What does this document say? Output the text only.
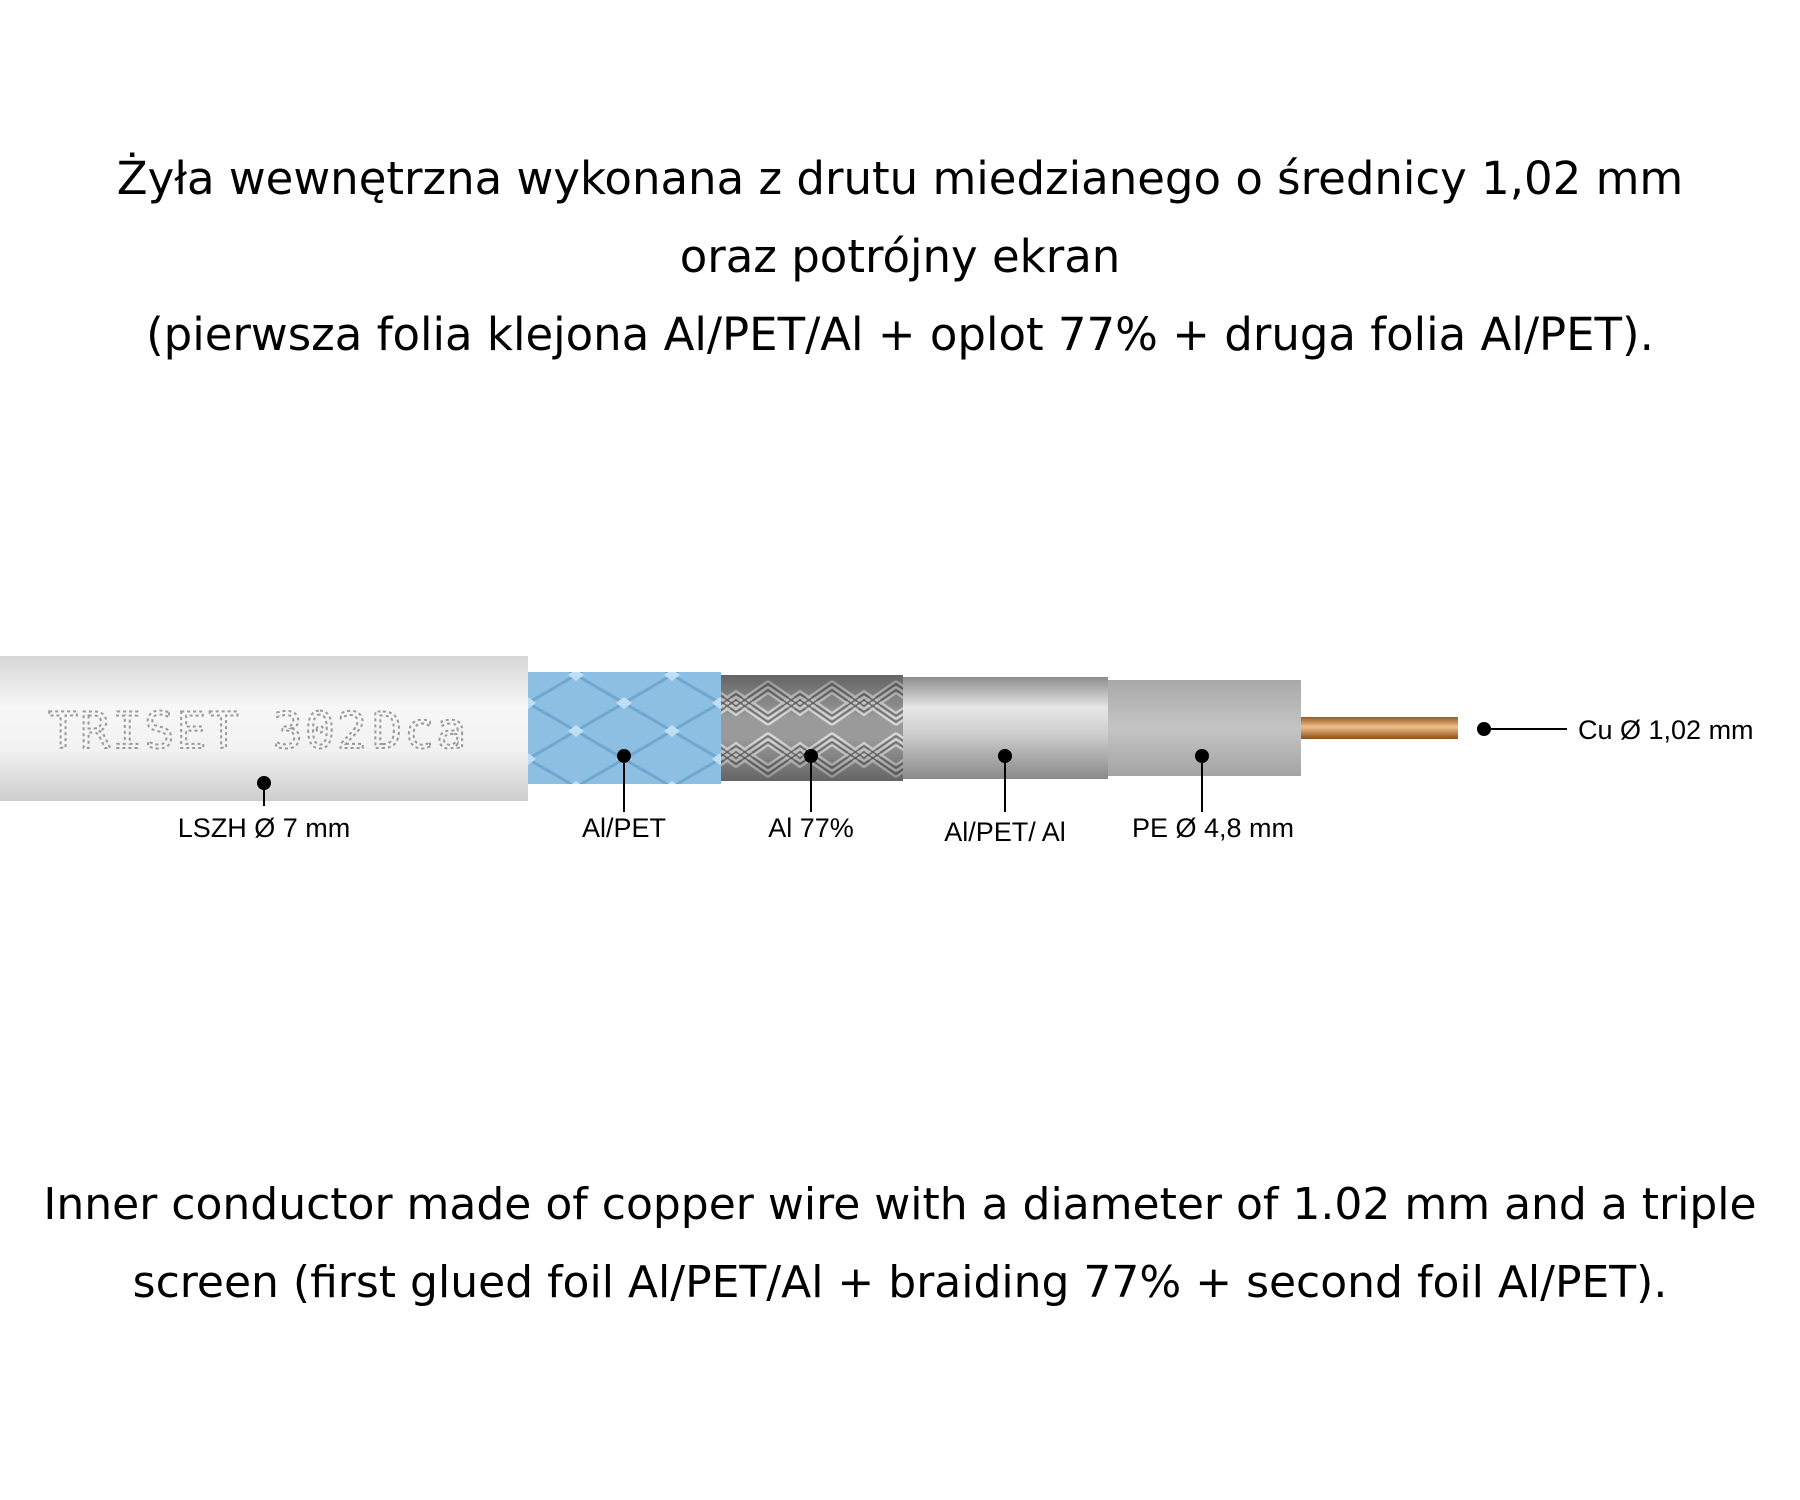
Żyła wewnętrzna wykonana z drutu miedzianego o średnicy 1,02 mm
oraz potrójny ekran
(pierwsza folia klejona Al/PET/Al + oplot 77% + druga folia Al/PET).
TRISET 302 Dca
LSZH Ø 7 mm	Al/PET	Al 77%	Al/PET/ Al PE Ø 4,8 mm
Cu Ø 1,02 mm
Inner conductor made of copper wire with a diameter of 1.02 mm and a triple
screen (first glued foil Al/PET/Al + braiding 77% + second foil Al/PET).
